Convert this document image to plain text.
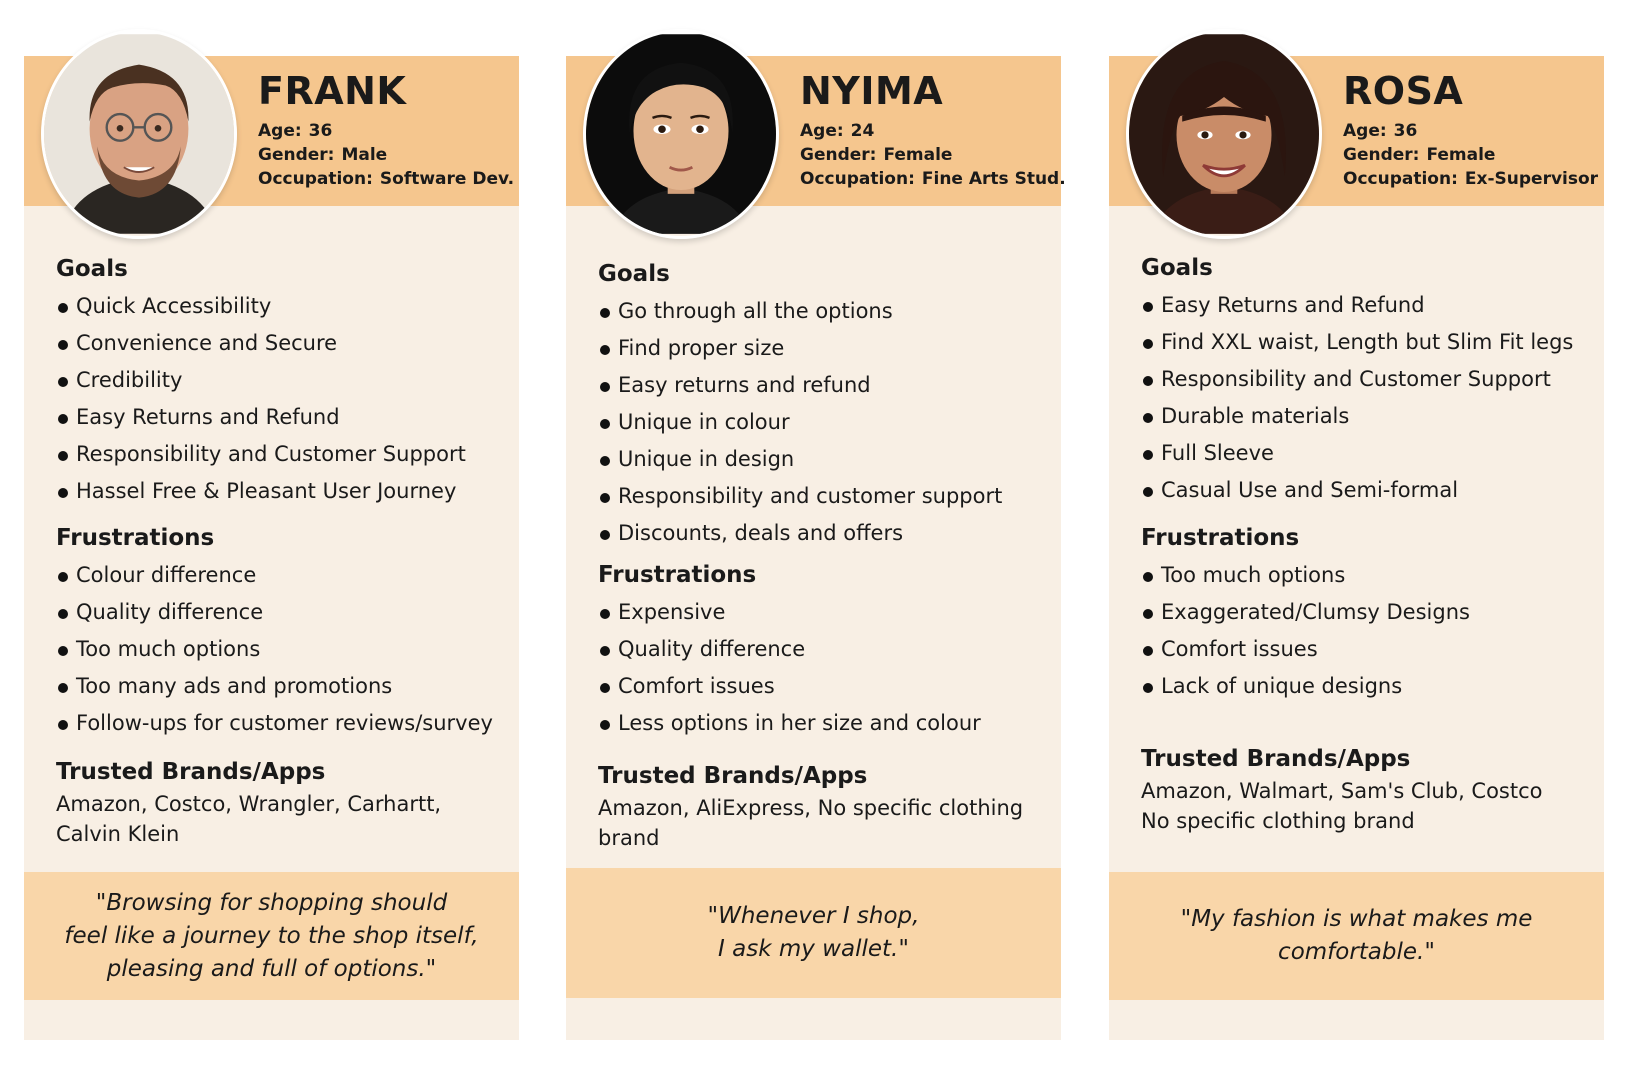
FRANK
Age: 36
Gender: Male
Occupation: Software Dev.
Goals
Quick Accessibility
Convenience and Secure
Credibility
Easy Returns and Refund
Responsibility and Customer Support
Hassel Free & Pleasant User Journey
Frustrations
Colour difference
Quality difference
Too much options
Too many ads and promotions
Follow-ups for customer reviews/survey
Trusted Brands/Apps

Amazon, Costco, Wrangler, Carhartt,
Calvin Klein

"Browsing for shopping should
feel like a journey to the shop itself,
pleasing and full of options."

NYIMA
Age: 24
Gender: Female
Occupation: Fine Arts Stud.
Goals
Go through all the options
Find proper size
Easy returns and refund
Unique in colour
Unique in design
Responsibility and customer support
Discounts, deals and offers
Frustrations
Expensive
Quality difference
Comfort issues
Less options in her size and colour
Trusted Brands/Apps

Amazon, AliExpress, No specific clothing
brand

"Whenever I shop,
I ask my wallet."

ROSA
Age: 36
Gender: Female
Occupation: Ex-Supervisor
Goals
Easy Returns and Refund
Find XXL waist, Length but Slim Fit legs
Responsibility and Customer Support
Durable materials
Full Sleeve
Casual Use and Semi-formal
Frustrations
Too much options
Exaggerated/Clumsy Designs
Comfort issues
Lack of unique designs
Trusted Brands/Apps

Amazon, Walmart, Sam's Club, Costco
No specific clothing brand

"My fashion is what makes me
comfortable."
